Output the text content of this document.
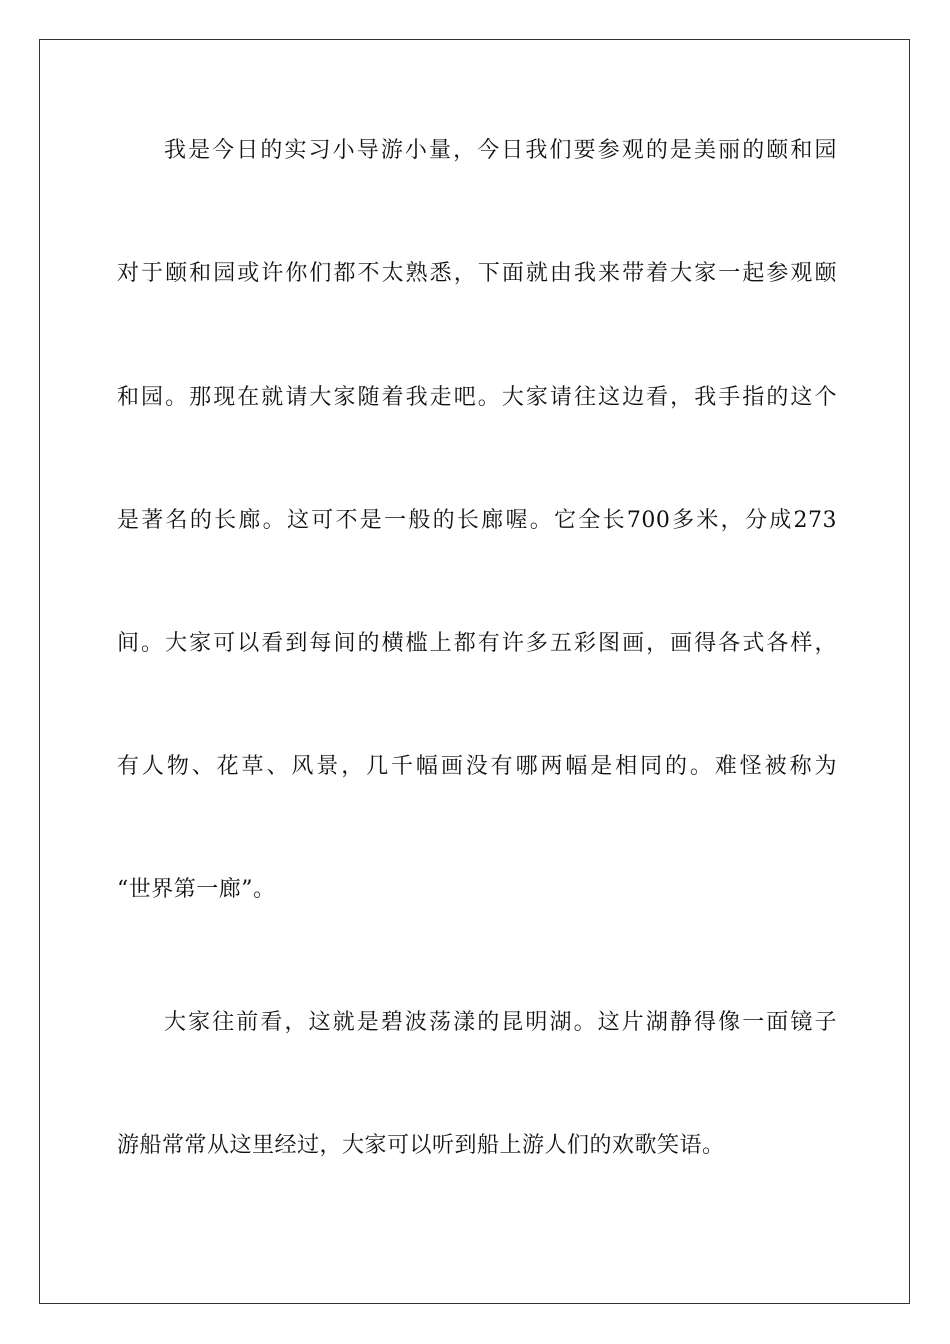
我是今日的实习小导游小量，今日我们要参观的是美丽的颐和园
对于颐和园或许你们都不太熟悉，下面就由我来带着大家一起参观颐
和园。那现在就请大家随着我走吧。大家请往这边看，我手指的这个
是著名的长廊。这可不是一般的长廊喔。它全长700多米，分成273
间。大家可以看到每间的横槛上都有许多五彩图画，画得各式各样，
有人物、花草、风景，几千幅画没有哪两幅是相同的。难怪被称为
“世界第一廊”。
大家往前看，这就是碧波荡漾的昆明湖。这片湖静得像一面镜子
游船常常从这里经过，大家可以听到船上游人们的欢歌笑语。
